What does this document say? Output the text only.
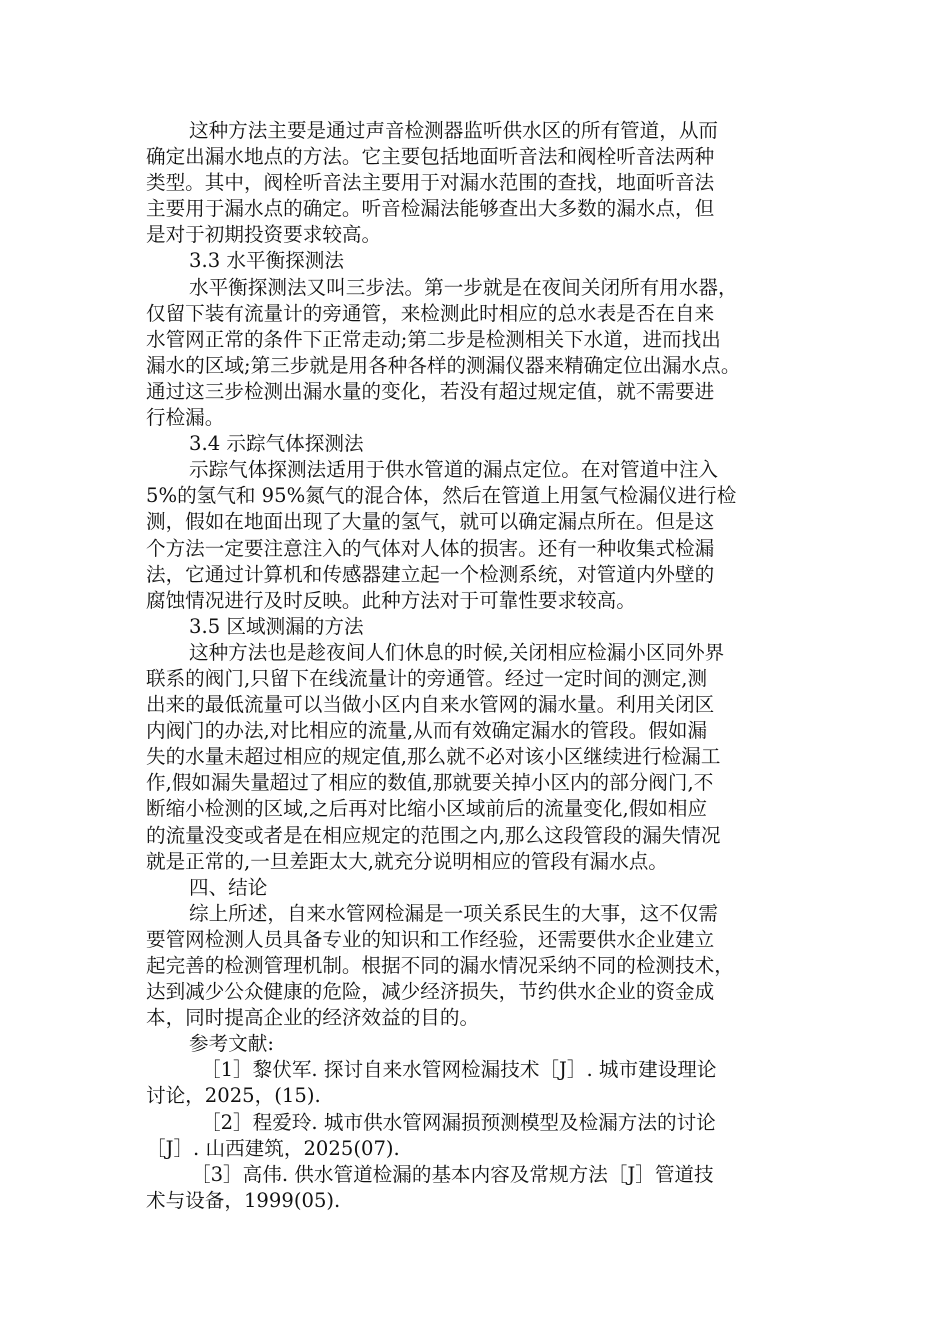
这种方法主要是通过声音检测器监听供水区的所有管道，从而
确定出漏水地点的方法。它主要包括地面听音法和阀栓听音法两种
类型。其中，阀栓听音法主要用于对漏水范围的查找，地面听音法
主要用于漏水点的确定。听音检漏法能够查出大多数的漏水点，但
是对于初期投资要求较高。
3.3 水平衡探测法
水平衡探测法又叫三步法。第一步就是在夜间关闭所有用水器，
仅留下装有流量计的旁通管，来检测此时相应的总水表是否在自来
水管网正常的条件下正常走动;第二步是检测相关下水道，进而找出
漏水的区域;第三步就是用各种各样的测漏仪器来精确定位出漏水点。
通过这三步检测出漏水量的变化，若没有超过规定值，就不需要进
行检漏。
3.4 示踪气体探测法
示踪气体探测法适用于供水管道的漏点定位。在对管道中注入
5%的氢气和 95%氮气的混合体，然后在管道上用氢气检漏仪进行检
测，假如在地面出现了大量的氢气，就可以确定漏点所在。但是这
个方法一定要注意注入的气体对人体的损害。还有一种收集式检漏
法，它通过计算机和传感器建立起一个检测系统，对管道内外壁的
腐蚀情况进行及时反映。此种方法对于可靠性要求较高。
3.5 区域测漏的方法
这种方法也是趁夜间人们休息的时候,关闭相应检漏小区同外界
联系的阀门,只留下在线流量计的旁通管。经过一定时间的测定,测
出来的最低流量可以当做小区内自来水管网的漏水量。利用关闭区
内阀门的办法,对比相应的流量,从而有效确定漏水的管段。假如漏
失的水量未超过相应的规定值,那么就不必对该小区继续进行检漏工
作,假如漏失量超过了相应的数值,那就要关掉小区内的部分阀门,不
断缩小检测的区域,之后再对比缩小区域前后的流量变化,假如相应
的流量没变或者是在相应规定的范围之内,那么这段管段的漏失情况
就是正常的,一旦差距太大,就充分说明相应的管段有漏水点。
四、结论
综上所述，自来水管网检漏是一项关系民生的大事，这不仅需
要管网检测人员具备专业的知识和工作经验，还需要供水企业建立
起完善的检测管理机制。根据不同的漏水情况采纳不同的检测技术，
达到减少公众健康的危险，减少经济损失，节约供水企业的资金成
本，同时提高企业的经济效益的目的。
参考文献:
［1］黎伏军. 探讨自来水管网检漏技术［J］. 城市建设理论
讨论，2025，(15).
［2］程爱玲. 城市供水管网漏损预测模型及检漏方法的讨论
［J］. 山西建筑，2025(07).
［3］高伟. 供水管道检漏的基本内容及常规方法［J］管道技
术与设备，1999(05).
